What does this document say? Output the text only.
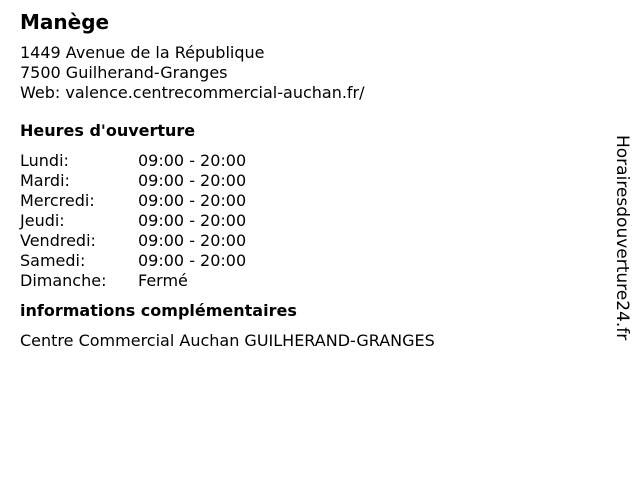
Manège
1449 Avenue de la République
7500 Guilherand-Granges
Web: valence.centrecommercial-auchan.fr/
Heures d'ouverture
Lundi:	09:00 - 20:00
Mardi:	09:00 - 20:00
Mercredi:	09:00 - 20:00
Jeudi:	09:00 - 20:00
Vendredi:	09:00 - 20:00
Samedi:	09:00 - 20:00
Dimanche:	Fermé
informations complémentaires
Centre Commercial Auchan GUILHERAND-GRANGES
Horairesdouverture24.fr
